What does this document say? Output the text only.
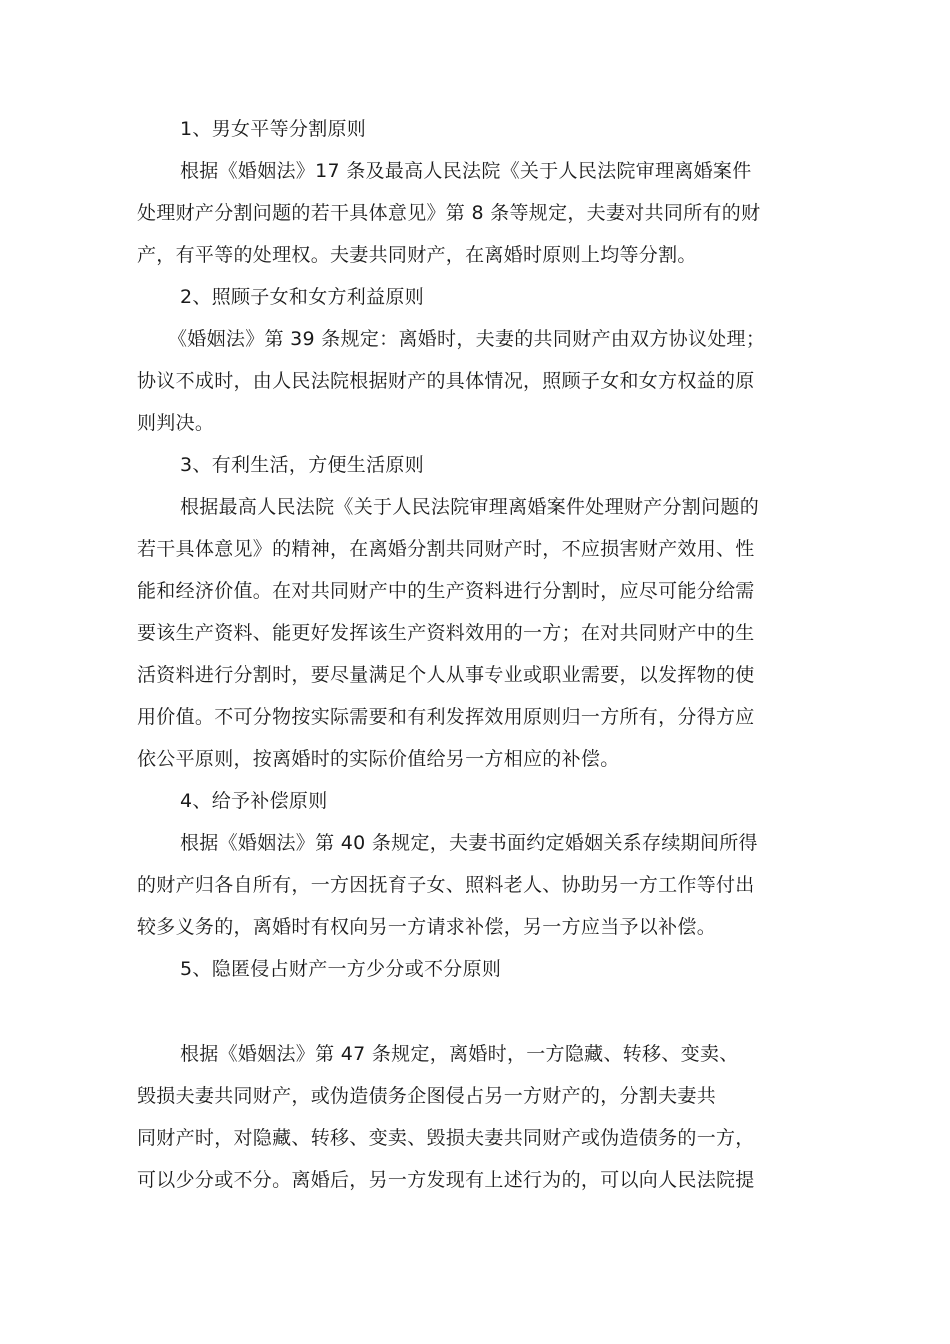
1、男女平等分割原则
根据《婚姻法》17 条及最高人民法院《关于人民法院审理离婚案件
处理财产分割问题的若干具体意见》第 8 条等规定，夫妻对共同所有的财
产，有平等的处理权。夫妻共同财产，在离婚时原则上均等分割。
2、照顾子女和女方利益原则
《婚姻法》第 39 条规定：离婚时，夫妻的共同财产由双方协议处理；
协议不成时，由人民法院根据财产的具体情况，照顾子女和女方权益的原
则判决。
3、有利生活，方便生活原则
根据最高人民法院《关于人民法院审理离婚案件处理财产分割问题的
若干具体意见》的精神，在离婚分割共同财产时，不应损害财产效用、性
能和经济价值。在对共同财产中的生产资料进行分割时，应尽可能分给需
要该生产资料、能更好发挥该生产资料效用的一方；在对共同财产中的生
活资料进行分割时，要尽量满足个人从事专业或职业需要，以发挥物的使
用价值。不可分物按实际需要和有利发挥效用原则归一方所有，分得方应
依公平原则，按离婚时的实际价值给另一方相应的补偿。
4、给予补偿原则
根据《婚姻法》第 40 条规定，夫妻书面约定婚姻关系存续期间所得
的财产归各自所有，一方因抚育子女、照料老人、协助另一方工作等付出
较多义务的，离婚时有权向另一方请求补偿，另一方应当予以补偿。
5、隐匿侵占财产一方少分或不分原则
根据《婚姻法》第 47 条规定，离婚时，一方隐藏、转移、变卖、
毁损夫妻共同财产，或伪造债务企图侵占另一方财产的，分割夫妻共
同财产时，对隐藏、转移、变卖、毁损夫妻共同财产或伪造债务的一方，
可以少分或不分。离婚后，另一方发现有上述行为的，可以向人民法院提
